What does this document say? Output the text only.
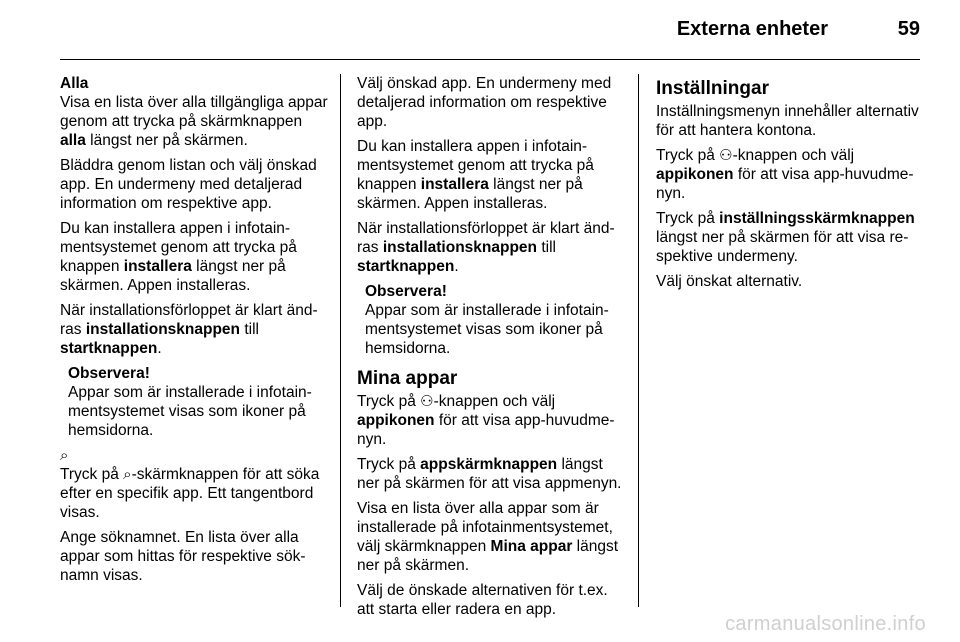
Externa enheter	59

Alla

Visa en lista över alla tillgängliga appar genom att trycka på skärmknappen alla längst ner på skärmen.

Bläddra genom listan och välj önskad app. En undermeny med detaljerad information om respektive app.

Du kan installera appen i infotainmentsystemet genom att trycka på knappen installera längst ner på skärmen. Appen installeras.

När installationsförloppet är klart ändras installationsknappen till startknappen.

Observera!
Appar som är installerade i infotainmentsystemet visas som ikoner på hemsidorna.

⌕

Tryck på ⌕-skärmknappen för att söka efter en specifik app. Ett tangentbord visas.

Ange söknamnet. En lista över alla appar som hittas för respektive söknamn visas.

Välj önskad app. En undermeny med detaljerad information om respektive app.

Du kan installera appen i infotainmentsystemet genom att trycka på knappen installera längst ner på skärmen. Appen installeras.

När installationsförloppet är klart ändras installationsknappen till startknappen.

Observera!
Appar som är installerade i infotainmentsystemet visas som ikoner på hemsidorna.
Mina appar

Tryck på ⚇-knappen och välj appikonen för att visa app-huvudmenyn.

Tryck på appskärmknappen längst ner på skärmen för att visa appmenyn.

Visa en lista över alla appar som är installerade på infotainmentsystemet, välj skärmknappen Mina appar längst ner på skärmen.

Välj de önskade alternativen för t.ex. att starta eller radera en app.

Inställningar

Inställningsmenyn innehåller alternativ för att hantera kontona.

Tryck på ⚇-knappen och välj appikonen för att visa app-huvudmenyn.

Tryck på inställningsskärmknappen längst ner på skärmen för att visa respektive undermeny.

Välj önskat alternativ.

carmanualsonline.info
